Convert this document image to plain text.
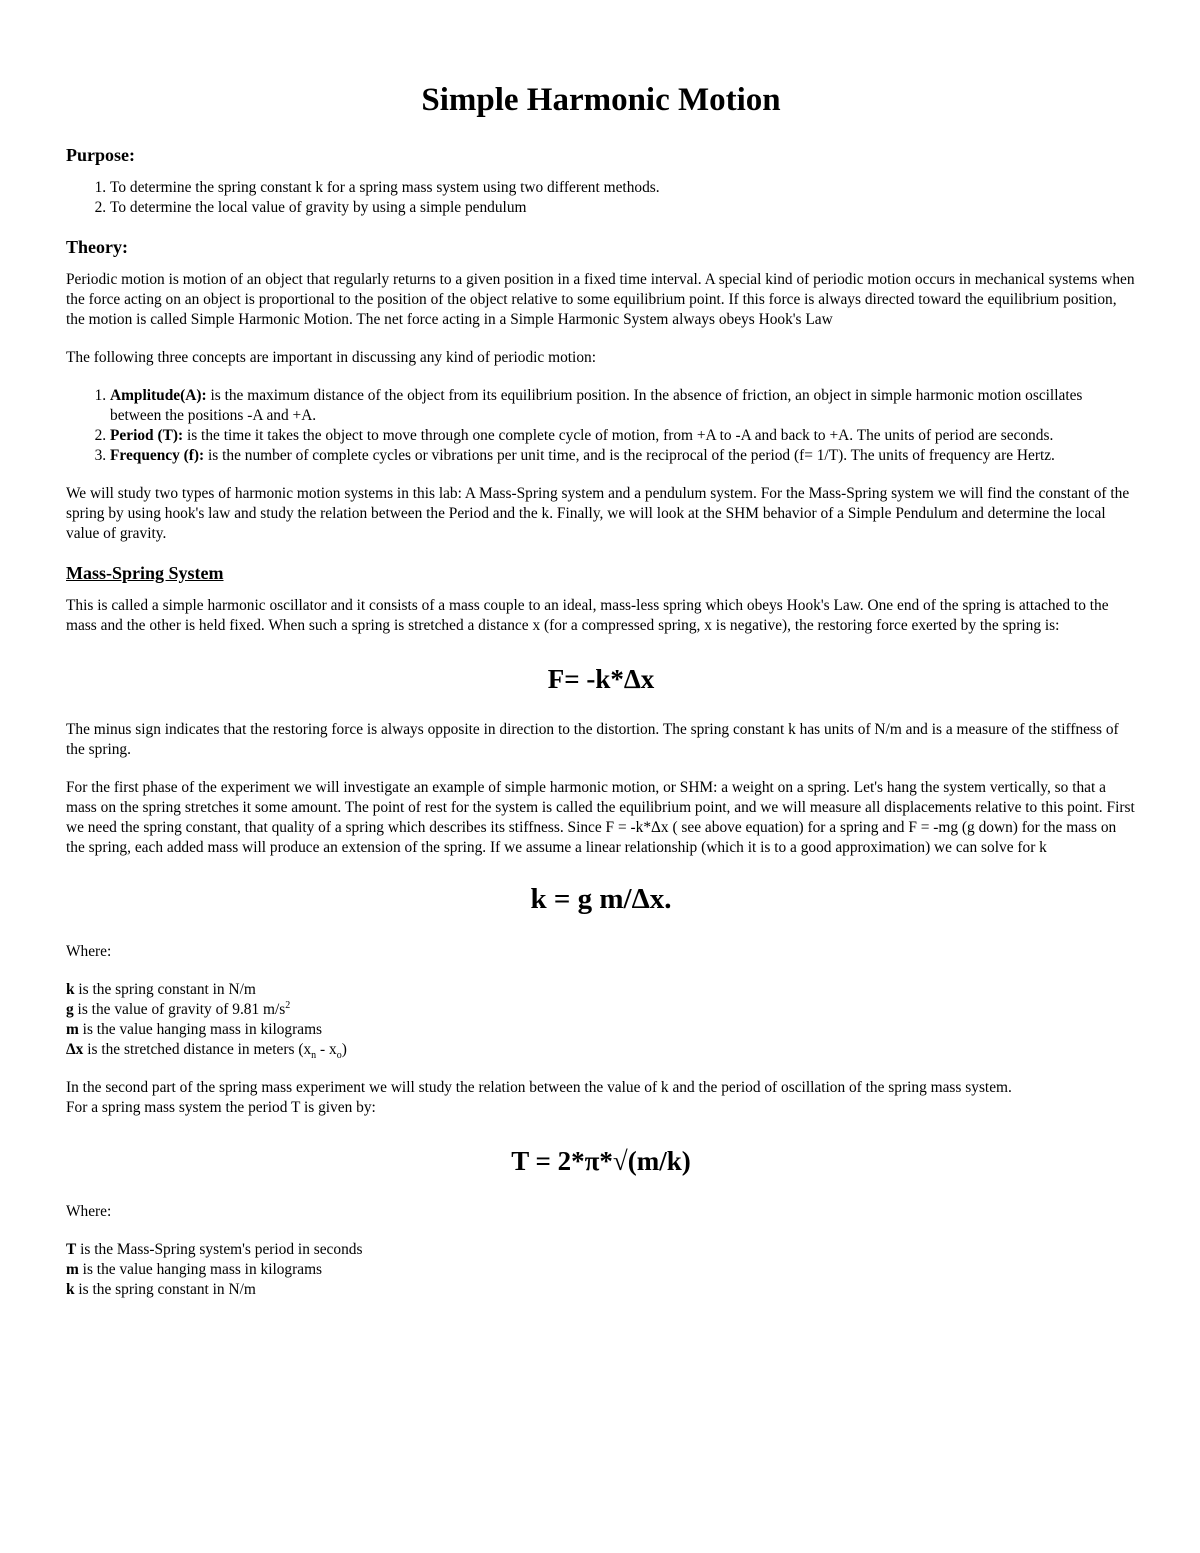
Simple Harmonic Motion
Purpose:
1. To determine the spring constant k for a spring mass system using two different methods.
2. To determine the local value of gravity by using a simple pendulum
Theory:

Periodic motion is motion of an object that regularly returns to a given position in a fixed time interval. A special kind of periodic motion occurs in mechanical systems when the force acting on an object is proportional to the position of the object relative to some equilibrium point. If this force is always directed toward the equilibrium position, the motion is called Simple Harmonic Motion. The net force acting in a Simple Harmonic System always obeys Hook's Law

The following three concepts are important in discussing any kind of periodic motion:

1. Amplitude(A): is the maximum distance of the object from its equilibrium position. In the absence of friction, an object in simple harmonic motion oscillates between the positions -A and +A.
2. Period (T): is the time it takes the object to move through one complete cycle of motion, from +A to -A and back to +A. The units of period are seconds.
3. Frequency (f): is the number of complete cycles or vibrations per unit time, and is the reciprocal of the period (f= 1/T). The units of frequency are Hertz.

We will study two types of harmonic motion systems in this lab: A Mass-Spring system and a pendulum system. For the Mass-Spring system we will find the constant of the spring by using hook's law and study the relation between the Period and the k. Finally, we will look at the SHM behavior of a Simple Pendulum and determine the local value of gravity.

Mass-Spring System

This is called a simple harmonic oscillator and it consists of a mass couple to an ideal, mass-less spring which obeys Hook's Law. One end of the spring is attached to the mass and the other is held fixed. When such a spring is stretched a distance x (for a compressed spring, x is negative), the restoring force exerted by the spring is:

F= -k*Δx

The minus sign indicates that the restoring force is always opposite in direction to the distortion. The spring constant k has units of N/m and is a measure of the stiffness of the spring.

For the first phase of the experiment we will investigate an example of simple harmonic motion, or SHM: a weight on a spring. Let's hang the system vertically, so that a mass on the spring stretches it some amount. The point of rest for the system is called the equilibrium point, and we will measure all displacements relative to this point. First we need the spring constant, that quality of a spring which describes its stiffness. Since F = -k*Δx ( see above equation) for a spring and F = -mg (g down) for the mass on the spring, each added mass will produce an extension of the spring. If we assume a linear relationship (which it is to a good approximation) we can solve for k

k = g m/Δx.

Where:

k is the spring constant in N/m

g is the value of gravity of 9.81 $m/s^2$

m is the value hanging mass in kilograms

Δx is the stretched distance in meters $(x_n - x_o)$

In the second part of the spring mass experiment we will study the relation between the value of k and the period of oscillation of the spring mass system.

For a spring mass system the period T is given by:

T = 2*π*√(m/k)

Where:

T is the Mass-Spring system's period in seconds

m is the value hanging mass in kilograms

k is the spring constant in N/m
